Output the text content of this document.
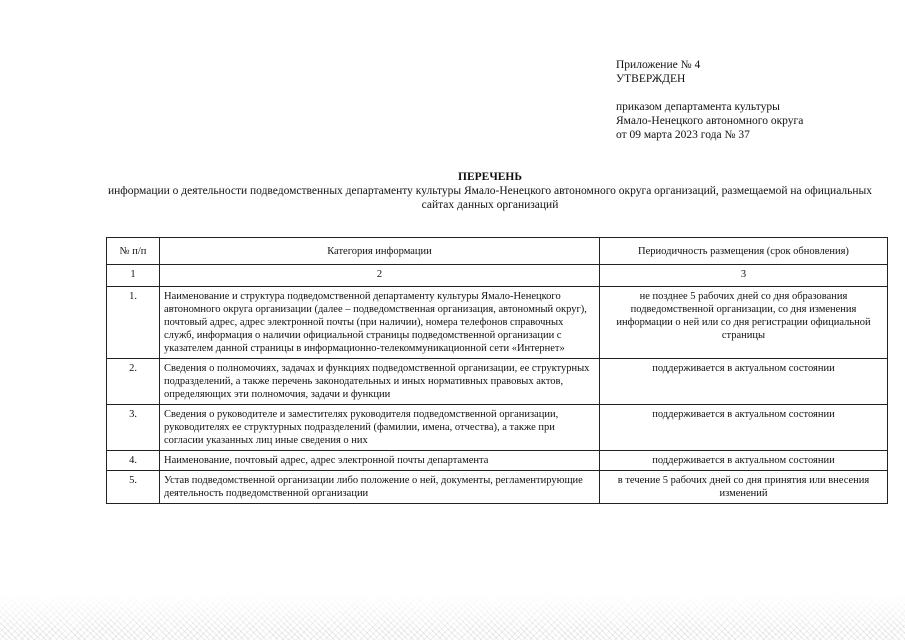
Приложение № 4
УТВЕРЖДЕН
приказом департамента культуры
Ямало-Ненецкого автономного округа
от 09 марта 2023 года № 37
ПЕРЕЧЕНЬ
информации о деятельности подведомственных департаменту культуры Ямало-Ненецкого автономного округа организаций, размещаемой на официальных сайтах данных организаций
№ п/п	Категория информации	Периодичность размещения (срок обновления)
1	2	3
1.	Наименование и структура подведомственной департаменту культуры Ямало-Ненецкого автономного округа организации (далее – подведомственная организация, автономный округ), почтовый адрес, адрес электронной почты (при наличии), номера телефонов справочных служб, информация о наличии официальной страницы подведомственной организации с указателем данной страницы в информационно-телекоммуникационной сети «Интернет»	не позднее 5 рабочих дней со дня образования подведомственной организации, со дня изменения информации о ней или со дня регистрации официальной страницы
2.	Сведения о полномочиях, задачах и функциях подведомственной организации, ее структурных подразделений, а также перечень законодательных и иных нормативных правовых актов, определяющих эти полномочия, задачи и функции	поддерживается в актуальном состоянии
3.	Сведения о руководителе и заместителях руководителя подведомственной организации, руководителях ее структурных подразделений (фамилии, имена, отчества), а также при согласии указанных лиц иные сведения о них	поддерживается в актуальном состоянии
4.	Наименование, почтовый адрес, адрес электронной почты департамента	поддерживается в актуальном состоянии
5.	Устав подведомственной организации либо положение о ней, документы, регламентирующие деятельность подведомственной организации	в течение 5 рабочих дней со дня принятия или внесения изменений
